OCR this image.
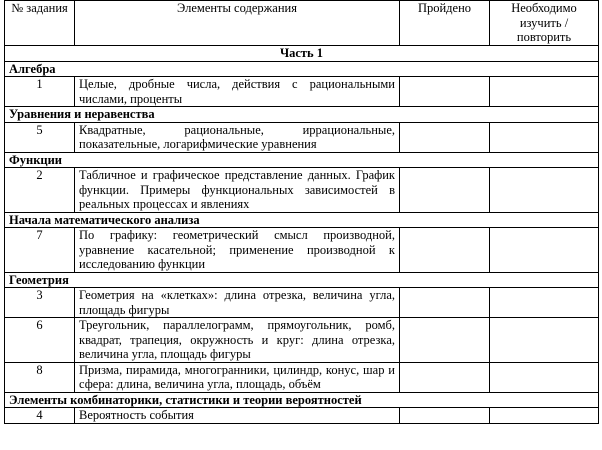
№ задания	Элементы содержания	Пройдено	Необходимо изучить / повторить
Часть 1			
Алгебра			
1	Целые, дробные числа, действия с рациональными числами, проценты		
Уравнения и неравенства			
5	Квадратные, рациональные, иррациональные, показательные, логарифмические уравнения		
Функции			
2	Табличное и графическое представление данных. График функции. Примеры функциональных зависимостей в реальных процессах и явлениях		
Начала математического анализа			
7	По графику: геометрический смысл производной, уравнение касательной; применение производной к исследованию функции		
Геометрия			
3	Геометрия на «клетках»: длина отрезка, величина угла, площадь фигуры		
6	Треугольник, параллелограмм, прямоугольник, ромб, квадрат, трапеция, окружность и круг: длина отрезка, величина угла, площадь фигуры		
8	Призма, пирамида, многогранники, цилиндр, конус, шар и сфера: длина, величина угла, площадь, объём		
Элементы комбинаторики, статистики и теории вероятностей			
4	Вероятность события		
